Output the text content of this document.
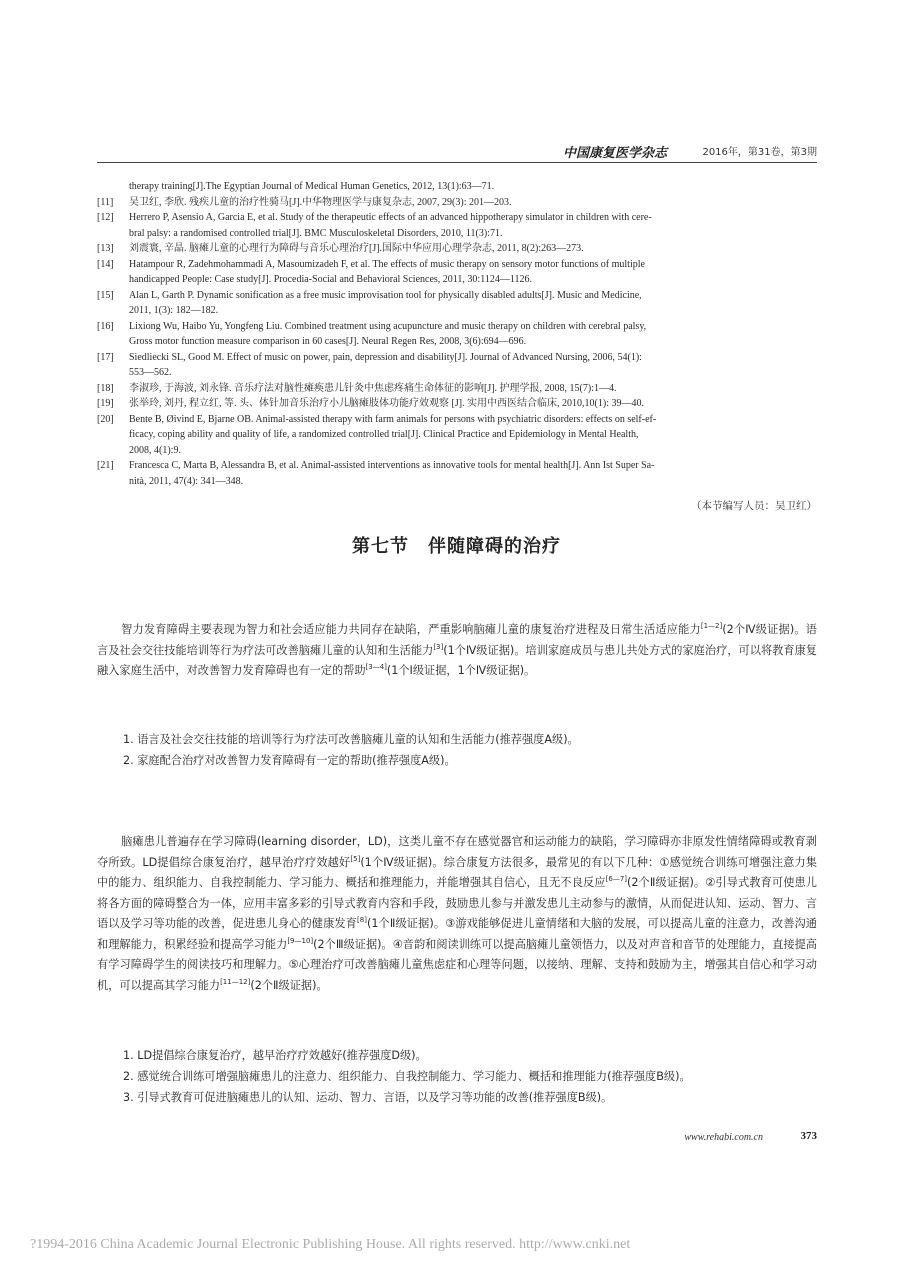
中国康复医学杂志	2016年，第31卷，第3期
therapy training[J].The Egyptian Journal of Medical Human Genetics, 2012, 13(1):63—71.
[11] 吴卫红, 李欣. 残疾儿童的治疗性骑马[J].中华物理医学与康复杂志, 2007, 29(3): 201—203.
[12] Herrero P, Asensio A, Garcia E, et al. Study of the therapeutic effects of an advanced hippotherapy simulator in children with cere-
bral palsy: a randomised controlled trial[J]. BMC Musculoskeletal Disorders, 2010, 11(3):71.
[13] 刘震寰, 辛晶. 脑瘫儿童的心理行为障碍与音乐心理治疗[J].国际中华应用心理学杂志, 2011, 8(2):263—273.
[14] Hatampour R, Zadehmohammadi A, Masoumizadeh F, et al. The effects of music therapy on sensory motor functions of multiple
handicapped People: Case study[J]. Procedia-Social and Behavioral Sciences, 2011, 30:1124—1126.
[15] Alan L, Garth P. Dynamic sonification as a free music improvisation tool for physically disabled adults[J]. Music and Medicine,
2011, 1(3): 182—182.
[16] Lixiong Wu, Haibo Yu, Yongfeng Liu. Combined treatment using acupuncture and music therapy on children with cerebral palsy,
Gross motor function measure comparison in 60 cases[J]. Neural Regen Res, 2008, 3(6):694—696.
[17] Siedliecki SL, Good M. Effect of music on power, pain, depression and disability[J]. Journal of Advanced Nursing, 2006, 54(1):
553—562.
[18] 李淑珍, 于海波, 刘永锋. 音乐疗法对脑性瘫痪患儿针灸中焦虑疼痛生命体征的影响[J]. 护理学报, 2008, 15(7):1—4.
[19] 张举玲, 刘丹, 程立红, 等. 头、体针加音乐治疗小儿脑瘫肢体功能疗效观察 [J]. 实用中西医结合临床, 2010,10(1): 39—40.
[20] Bente B, Øivind E, Bjarne OB. Animal-assisted therapy with farm animals for persons with psychiatric disorders: effects on self-ef-
ficacy, coping ability and quality of life, a randomized controlled trial[J]. Clinical Practice and Epidemiology in Mental Health,
2008, 4(1):9.
[21] Francesca C, Marta B, Alessandra B, et al. Animal-assisted interventions as innovative tools for mental health[J]. Ann Ist Super Sa-
nità, 2011, 47(4): 341—348.
（本节编写人员：吴卫红）
第七节　伴随障碍的治疗
智力发育障碍主要表现为智力和社会适应能力共同存在缺陷，严重影响脑瘫儿童的康复治疗进程及日常生活适应能力[1—2](2个Ⅳ级证据)。语言及社会交往技能培训等行为疗法可改善脑瘫儿童的认知和生活能力[3](1个Ⅳ级证据)。培训家庭成员与患儿共处方式的家庭治疗，可以将教育康复融入家庭生活中，对改善智力发育障碍也有一定的帮助[3—4](1个Ⅰ级证据，1个Ⅳ级证据)。
1. 语言及社会交往技能的培训等行为疗法可改善脑瘫儿童的认知和生活能力(推荐强度A级)。
2. 家庭配合治疗对改善智力发育障碍有一定的帮助(推荐强度A级)。
脑瘫患儿普遍存在学习障碍(learning disorder，LD)，这类儿童不存在感觉器官和运动能力的缺陷，学习障碍亦非原发性情绪障碍或教育剥夺所致。LD提倡综合康复治疗，越早治疗疗效越好[5](1个Ⅳ级证据)。综合康复方法很多，最常见的有以下几种：①感觉统合训练可增强注意力集中的能力、组织能力、自我控制能力、学习能力、概括和推理能力，并能增强其自信心，且无不良反应[6—7](2个Ⅱ级证据)。②引导式教育可使患儿将各方面的障碍整合为一体，应用丰富多彩的引导式教育内容和手段，鼓励患儿参与并激发患儿主动参与的激情，从而促进认知、运动、智力、言语以及学习等功能的改善，促进患儿身心的健康发育[8](1个Ⅱ级证据)。③游戏能够促进儿童情绪和大脑的发展，可以提高儿童的注意力，改善沟通和理解能力，积累经验和提高学习能力[9—10](2个Ⅲ级证据)。④音韵和阅读训练可以提高脑瘫儿童领悟力，以及对声音和音节的处理能力，直接提高有学习障碍学生的阅读技巧和理解力。⑤心理治疗可改善脑瘫儿童焦虑症和心理等问题，以接纳、理解、支持和鼓励为主，增强其自信心和学习动机，可以提高其学习能力[11—12](2个Ⅱ级证据)。
1. LD提倡综合康复治疗，越早治疗疗效越好(推荐强度D级)。
2. 感觉统合训练可增强脑瘫患儿的注意力、组织能力、自我控制能力、学习能力、概括和推理能力(推荐强度B级)。
3. 引导式教育可促进脑瘫患儿的认知、运动、智力、言语，以及学习等功能的改善(推荐强度B级)。
www.rehabi.com.cn	373
?1994-2016 China Academic Journal Electronic Publishing House. All rights reserved. http://www.cnki.net
